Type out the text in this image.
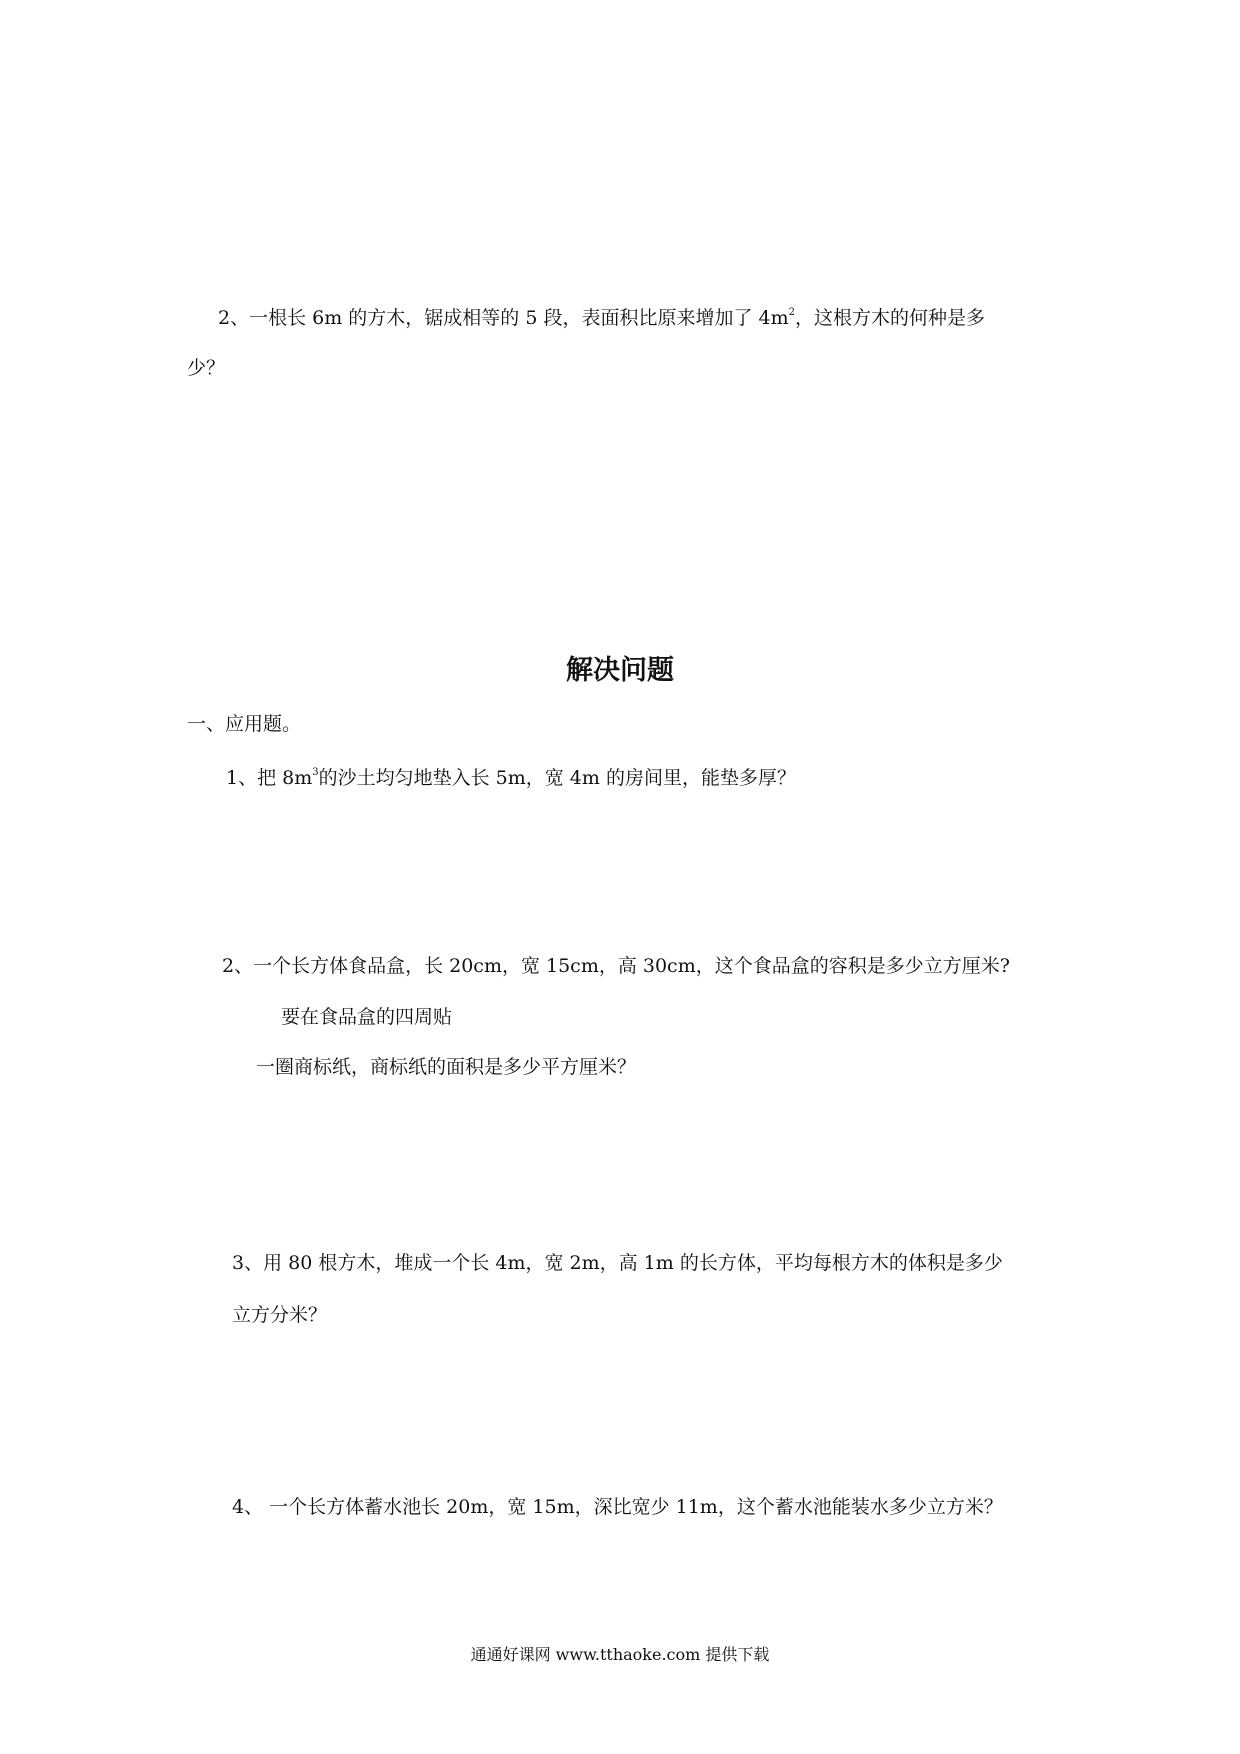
2、一根长 6m 的方木，锯成相等的 5 段，表面积比原来增加了 $4m^2$，这根方木的何种是多
少？
解决问题
一、应用题。
1、把 $8m^3$的沙土均匀地垫入长 5m，宽 4m 的房间里，能垫多厚？
2、一个长方体食品盒，长 20cm，宽 15cm，高 30cm，这个食品盒的容积是多少立方厘米?
要在食品盒的四周贴
一圈商标纸，商标纸的面积是多少平方厘米？
3、用 80 根方木，堆成一个长 4m，宽 2m，高 1m 的长方体，平均每根方木的体积是多少
立方分米？
4、 一个长方体蓄水池长 20m，宽 15m，深比宽少 11m，这个蓄水池能装水多少立方米？
通通好课网 www.tthaoke.com 提供下载
